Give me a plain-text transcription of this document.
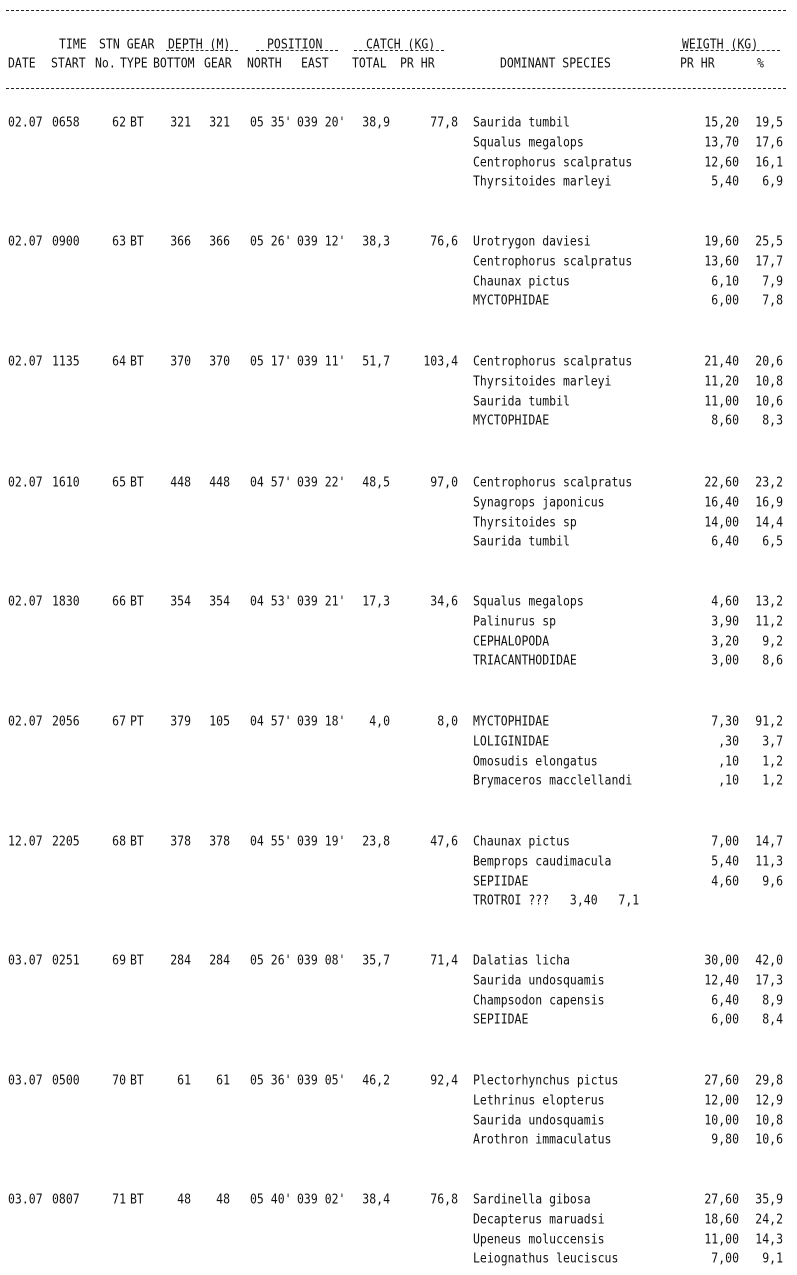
TIME STN GEAR DEPTH (M)	POSITION	CATCH (KG)	WEIGTH (KG)
DATE START No. TYPE BOTTOM GEAR NORTH EAST TOTAL PR HR	DOMINANT SPECIES	PR HR	%
02.07 0658	62 BT 321 321 05 35' 039 20' 38,9	77,8 Saurida tumbil	15,20 19,5
Squalus megalops	13,70 17,6
Centrophorus scalpratus	12,60 16,1
Thyrsitoides marleyi	5,40 6,9
02.07 0900	63 BT 366 366 05 26' 039 12' 38,3	76,6 Urotrygon daviesi	19,60 25,5
Centrophorus scalpratus	13,60 17,7
Chaunax pictus	6,10 7,9
MYCTOPHIDAE	6,00 7,8
02.07 1135	64 BT 370 370 05 17' 039 11' 51,7	103,4 Centrophorus scalpratus	21,40 20,6
Thyrsitoides marleyi	11,20 10,8
Saurida tumbil	11,00 10,6
MYCTOPHIDAE	8,60 8,3
02.07 1610	65 BT 448 448 04 57' 039 22' 48,5	97,0 Centrophorus scalpratus	22,60 23,2
Synagrops japonicus	16,40 16,9
Thyrsitoides sp	14,00 14,4
Saurida tumbil	6,40 6,5
02.07 1830	66 BT 354 354 04 53' 039 21' 17,3	34,6 Squalus megalops	4,60 13,2
Palinurus sp	3,90 11,2
CEPHALOPODA	3,20 9,2
TRIACANTHODIDAE	3,00 8,6
02.07 2056	67 PT 379 105 04 57' 039 18' 4,0	8,0 MYCTOPHIDAE	7,30 91,2
LOLIGINIDAE	,30 3,7
Omosudis elongatus	,10 1,2
Brymaceros macclellandi	,10 1,2
12.07 2205	68 BT 378 378 04 55' 039 19' 23,8	47,6 Chaunax pictus	7,00 14,7
Bemprops caudimacula	5,40 11,3
SEPIIDAE	4,60 9,6
TROTROI ???   3,40   7,1
03.07 0251	69 BT 284 284 05 26' 039 08' 35,7	71,4 Dalatias licha	30,00 42,0
Saurida undosquamis	12,40 17,3
Champsodon capensis	6,40 8,9
SEPIIDAE	6,00 8,4
03.07 0500	70 BT	61 61 05 36' 039 05' 46,2	92,4 Plectorhynchus pictus	27,60 29,8
Lethrinus elopterus	12,00 12,9
Saurida undosquamis	10,00 10,8
Arothron immaculatus	9,80 10,6
03.07 0807	71 BT	48 48 05 40' 039 02' 38,4	76,8 Sardinella gibosa	27,60 35,9
Decapterus maruadsi	18,60 24,2
Upeneus moluccensis	11,00 14,3
Leiognathus leuciscus	7,00 9,1
